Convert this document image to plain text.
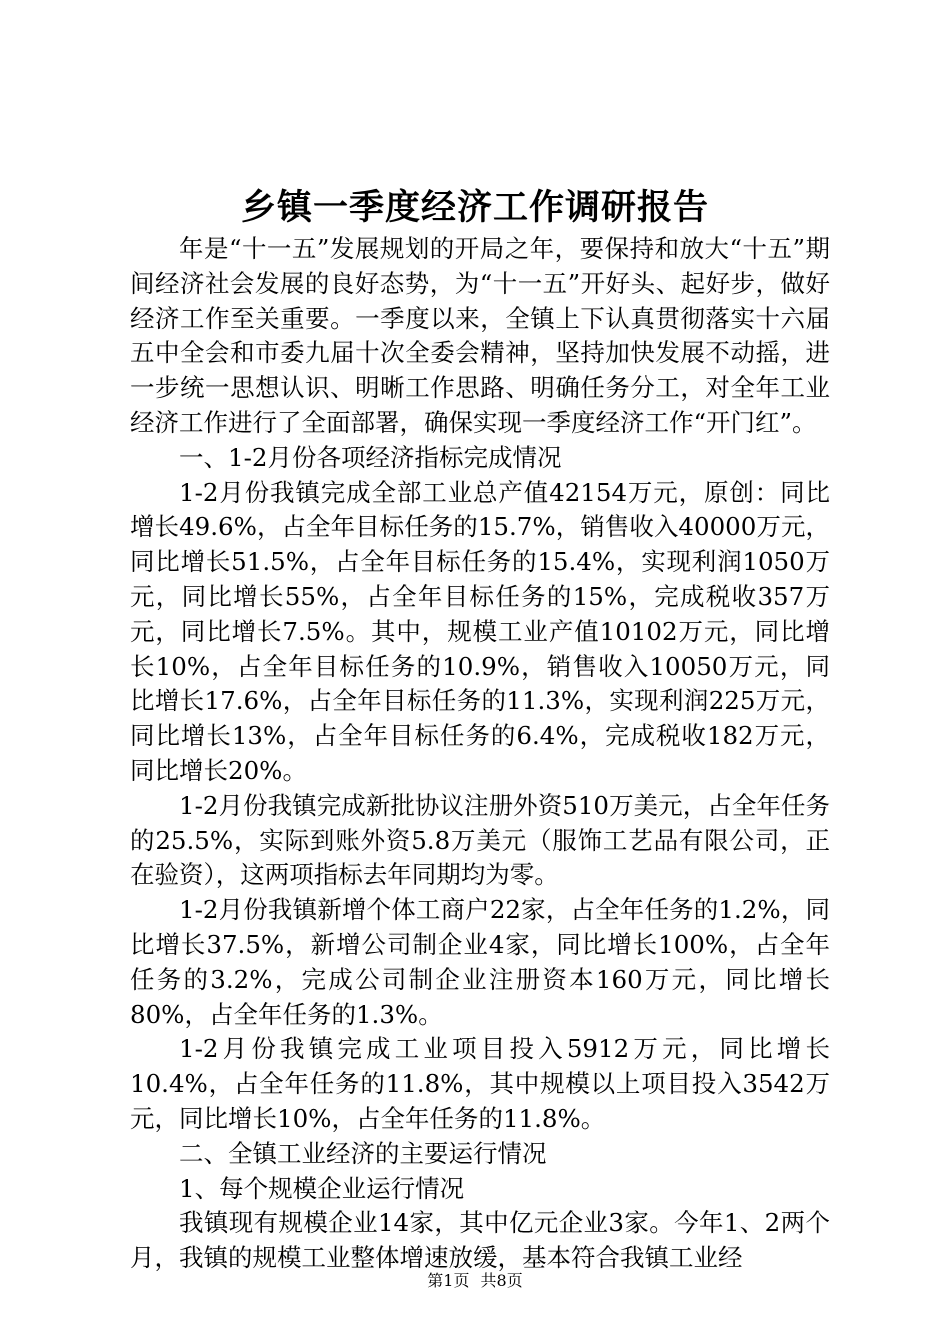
乡镇一季度经济工作调研报告

年是“十一五”发展规划的开局之年，要保持和放大“十五”期间经济社会发展的良好态势，为“十一五”开好头、起好步，做好经济工作至关重要。一季度以来，全镇上下认真贯彻落实十六届五中全会和市委九届十次全委会精神，坚持加快发展不动摇，进一步统一思想认识、明晰工作思路、明确任务分工，对全年工业经济工作进行了全面部署，确保实现一季度经济工作“开门红”。

一、1-2月份各项经济指标完成情况

1-2月份我镇完成全部工业总产值42154万元，原创：同比增长49.6%，占全年目标任务的15.7%，销售收入40000万元，同比增长51.5%，占全年目标任务的15.4%，实现利润1050万元，同比增长55%，占全年目标任务的15%，完成税收357万元，同比增长7.5%。其中，规模工业产值10102万元，同比增长10%，占全年目标任务的10.9%，销售收入10050万元，同比增长17.6%，占全年目标任务的11.3%，实现利润225万元，同比增长13%，占全年目标任务的6.4%，完成税收182万元，同比增长20%。

1-2月份我镇完成新批协议注册外资510万美元，占全年任务的25.5%，实际到账外资5.8万美元（服饰工艺品有限公司，正在验资），这两项指标去年同期均为零。

1-2月份我镇新增个体工商户22家，占全年任务的1.2%，同比增长37.5%，新增公司制企业4家，同比增长100%，占全年任务的3.2%，完成公司制企业注册资本160万元，同比增长80%，占全年任务的1.3%。

1-2月份我镇完成工业项目投入5912万元，同比增长10.4%，占全年任务的11.8%，其中规模以上项目投入3542万元，同比增长10%，占全年任务的11.8%。

二、全镇工业经济的主要运行情况

1、每个规模企业运行情况

我镇现有规模企业14家，其中亿元企业3家。今年1、2两个月，我镇的规模工业整体增速放缓，基本符合我镇工业经

第1页 共8页
